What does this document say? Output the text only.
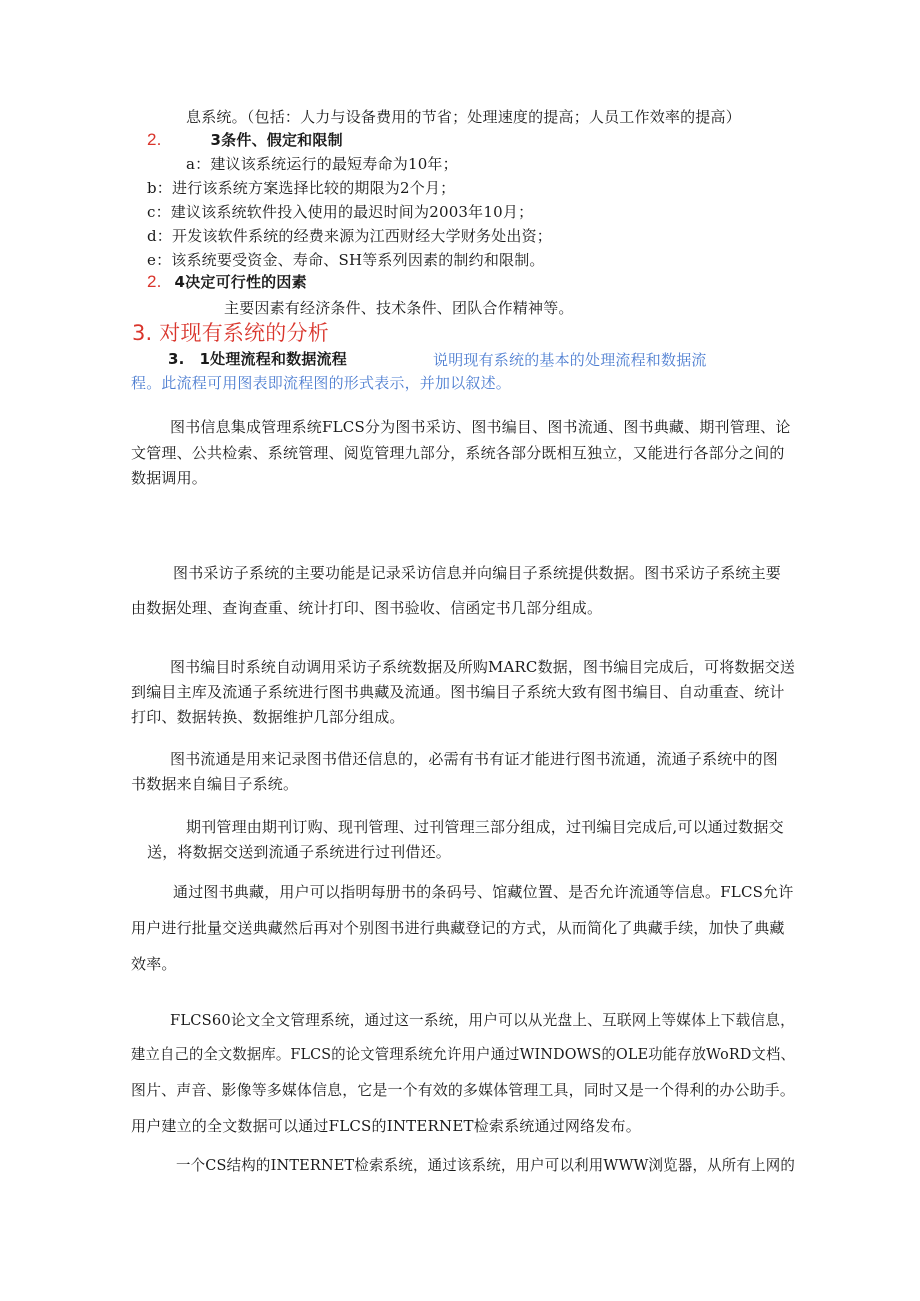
息系统。（包括：人力与设备费用的节省；处理速度的提高；人员工作效率的提高）
2.	3条件、假定和限制
a：建议该系统运行的最短寿命为10年；
b：进行该系统方案选择比较的期限为2个月；
c：建议该系统软件投入使用的最迟时间为2003年10月；
d：开发该软件系统的经费来源为江西财经大学财务处出资；
e：该系统要受资金、寿命、SH等系列因素的制约和限制。
2. 4决定可行性的因素
主要因素有经济条件、技术条件、团队合作精神等。
3. 对现有系统的分析
3. 1处理流程和数据流程	说明现有系统的基本的处理流程和数据流
程。此流程可用图表即流程图的形式表示，并加以叙述。
图书信息集成管理系统FLCS分为图书采访、图书编目、图书流通、图书典藏、期刊管理、论
文管理、公共检索、系统管理、阅览管理九部分，系统各部分既相互独立，又能进行各部分之间的
数据调用。
图书采访子系统的主要功能是记录采访信息并向编目子系统提供数据。图书采访子系统主要
由数据处理、查询查重、统计打印、图书验收、信函定书几部分组成。
图书编目时系统自动调用采访子系统数据及所购MARC数据，图书编目完成后，可将数据交送
到编目主库及流通子系统进行图书典藏及流通。图书编目子系统大致有图书编目、自动重查、统计
打印、数据转换、数据维护几部分组成。
图书流通是用来记录图书借还信息的，必需有书有证才能进行图书流通，流通子系统中的图
书数据来自编目子系统。
期刊管理由期刊订购、现刊管理、过刊管理三部分组成，过刊编目完成后,可以通过数据交
送，将数据交送到流通子系统进行过刊借还。
通过图书典藏，用户可以指明每册书的条码号、馆藏位置、是否允许流通等信息。FLCS允许
用户进行批量交送典藏然后再对个别图书进行典藏登记的方式，从而简化了典藏手续，加快了典藏
效率。
FLCS60论文全文管理系统，通过这一系统，用户可以从光盘上、互联网上等媒体上下载信息，
建立自己的全文数据库。FLCS的论文管理系统允许用户通过WINDOWS的OLE功能存放WoRD文档、
图片、声音、影像等多媒体信息，它是一个有效的多媒体管理工具，同时又是一个得利的办公助手。
用户建立的全文数据可以通过FLCS的INTERNET检索系统通过网络发布。
一个CS结构的INTERNET检索系统，通过该系统，用户可以利用WWW浏览器，从所有上网的
